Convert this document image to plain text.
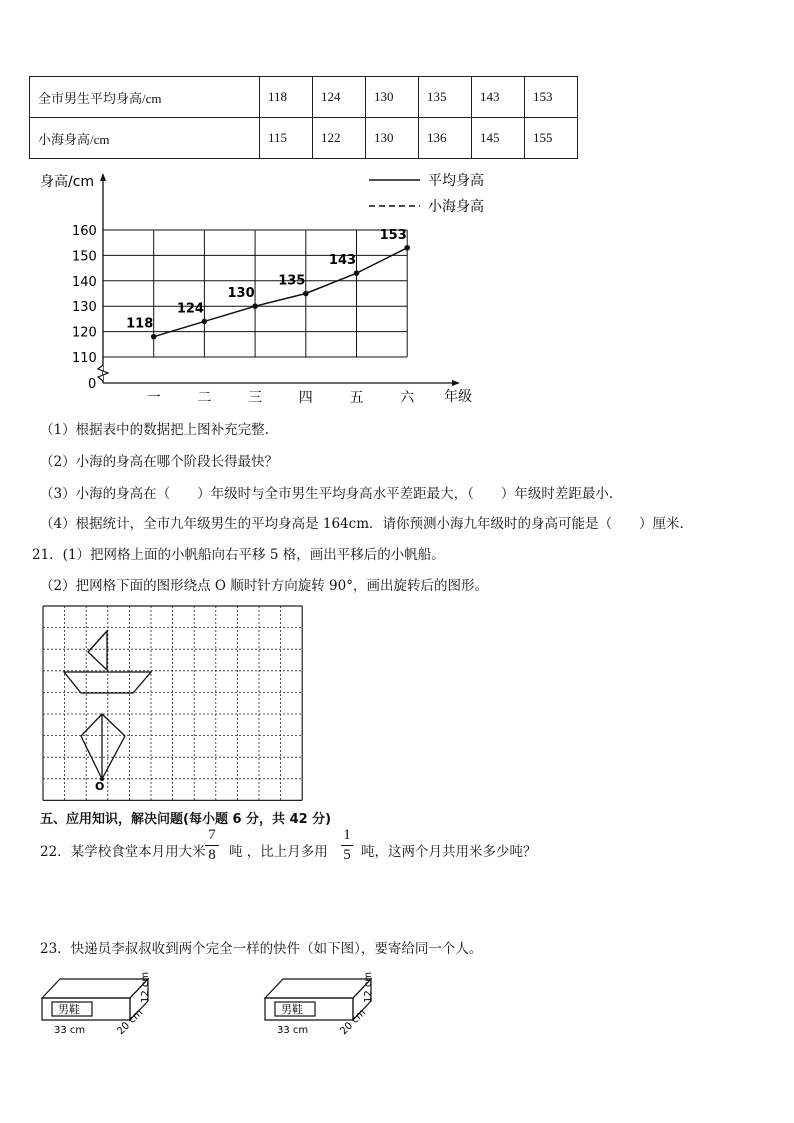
全市男生平均身高/cm	118	124	130	135	143	153
小海身高/cm	115	122	130	136	145	155
0
110
120
130
140
150
160
一	二	三	四	五	六
118
124
130
135
143
153
身高/cm
年级
平均身高
小海身高
（1）根据表中的数据把上图补充完整.
（2）小海的身高在哪个阶段长得最快？
（3）小海的身高在（　　）年级时与全市男生平均身高水平差距最大，（　　）年级时差距最小.
（4）根据统计，全市九年级男生的平均身高是 164cm．请你预测小海九年级时的身高可能是（　　）厘米.
21．(1）把网格上面的小帆船向右平移 5 格，画出平移后的小帆船。
（2）把网格下面的图形绕点 O 顺时针方向旋转 90°，画出旋转后的图形。
O
五、应用知识，解决问题(每小题 6 分，共 42 分)
22．某学校食堂本月用大米
7
8 吨 ，比上月多用
1
5 吨，这两个月共用米多少吨？
23．快递员李叔叔收到两个完全一样的快件（如下图），要寄给同一个人。
男鞋
33 cm	20 cm
12 cm
男鞋
33 cm	20 cm
12 cm
